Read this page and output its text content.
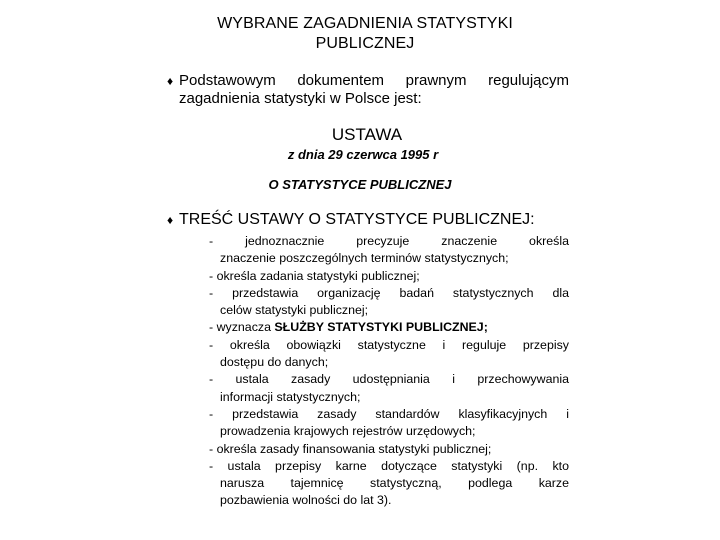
WYBRANE ZAGADNIENIA STATYSTYKI
PUBLICZNEJ
♦ Podstawowym dokumentem prawnym regulującym
zagadnienia statystyki w Polsce jest:
USTAWA
z dnia 29 czerwca 1995 r
O STATYSTYCE PUBLICZNEJ
♦ TREŚĆ USTAWY O STATYSTYCE PUBLICZNEJ:
- jednoznacznie precyzuje znaczenie określa
znaczenie poszczególnych terminów statystycznych;
- określa zadania statystyki publicznej;
- przedstawia organizację badań statystycznych dla
celów statystyki publicznej;
- wyznacza SŁUŻBY STATYSTYKI PUBLICZNEJ;
- określa obowiązki statystyczne i reguluje przepisy
dostępu do danych;
- ustala zasady udostępniania i przechowywania
informacji statystycznych;
- przedstawia zasady standardów klasyfikacyjnych i
prowadzenia krajowych rejestrów urzędowych;
- określa zasady finansowania statystyki publicznej;
- ustala przepisy karne dotyczące statystyki (np. kto
narusza tajemnicę statystyczną, podlega karze
pozbawienia wolności do lat 3).
